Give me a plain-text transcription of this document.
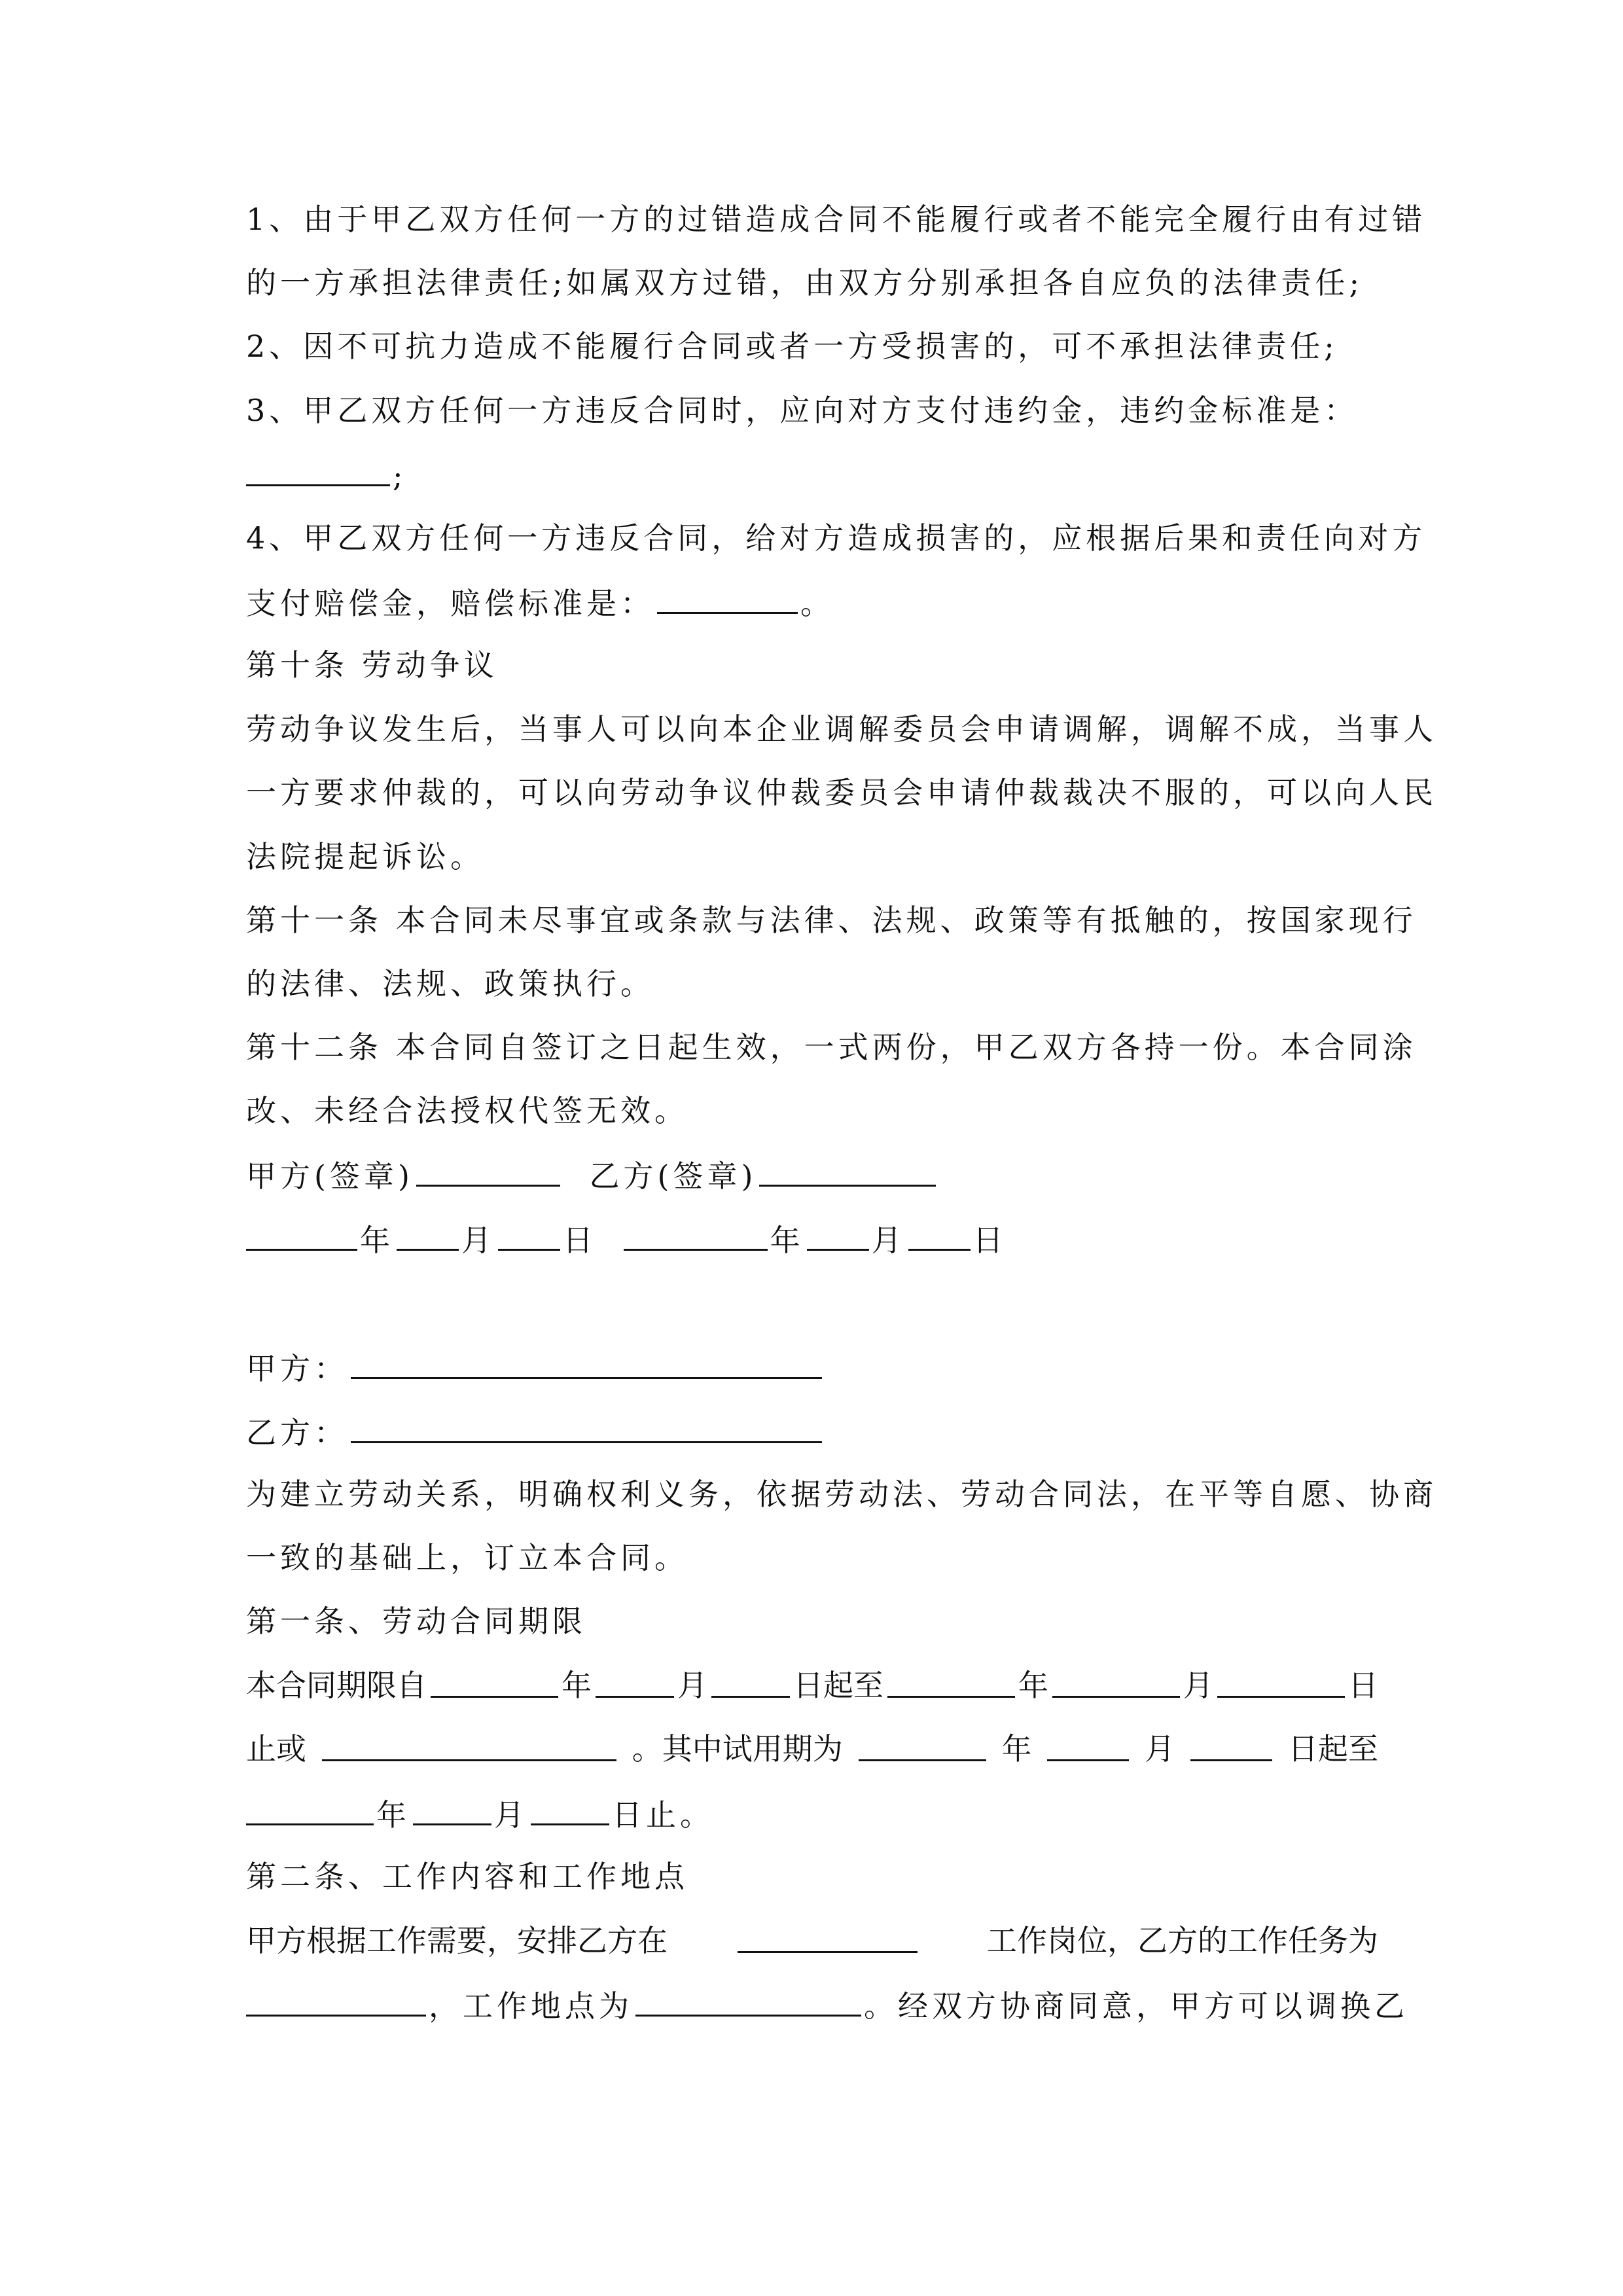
1、由于甲乙双方任何一方的过错造成合同不能履行或者不能完全履行由有过错
的一方承担法律责任;如属双方过错，由双方分别承担各自应负的法律责任;
2、因不可抗力造成不能履行合同或者一方受损害的，可不承担法律责任;
3、甲乙双方任何一方违反合同时，应向对方支付违约金，违约金标准是：
;
4、甲乙双方任何一方违反合同，给对方造成损害的，应根据后果和责任向对方
支付赔偿金，赔偿标准是：	。
第十条 劳动争议
劳动争议发生后，当事人可以向本企业调解委员会申请调解，调解不成，当事人
一方要求仲裁的，可以向劳动争议仲裁委员会申请仲裁裁决不服的，可以向人民
法院提起诉讼。
第十一条 本合同未尽事宜或条款与法律、法规、政策等有抵触的，按国家现行
的法律、法规、政策执行。
第十二条 本合同自签订之日起生效，一式两份，甲乙双方各持一份。本合同涂
改、未经合法授权代签无效。
甲方(签章)	乙方(签章)
年 月 日	年 月 日
甲方：
乙方：
为建立劳动关系，明确权利义务，依据劳动法、劳动合同法，在平等自愿、协商
一致的基础上，订立本合同。
第一条、劳动合同期限
本合同期限自	年	月	日起至	年	月	日
止或	。其中试用期为	年	月	日起至
年	月	日止。
第二条、工作内容和工作地点
甲方根据工作需要，安排乙方在	工作岗位，乙方的工作任务为
，工作地点为	。经双方协商同意，甲方可以调换乙
